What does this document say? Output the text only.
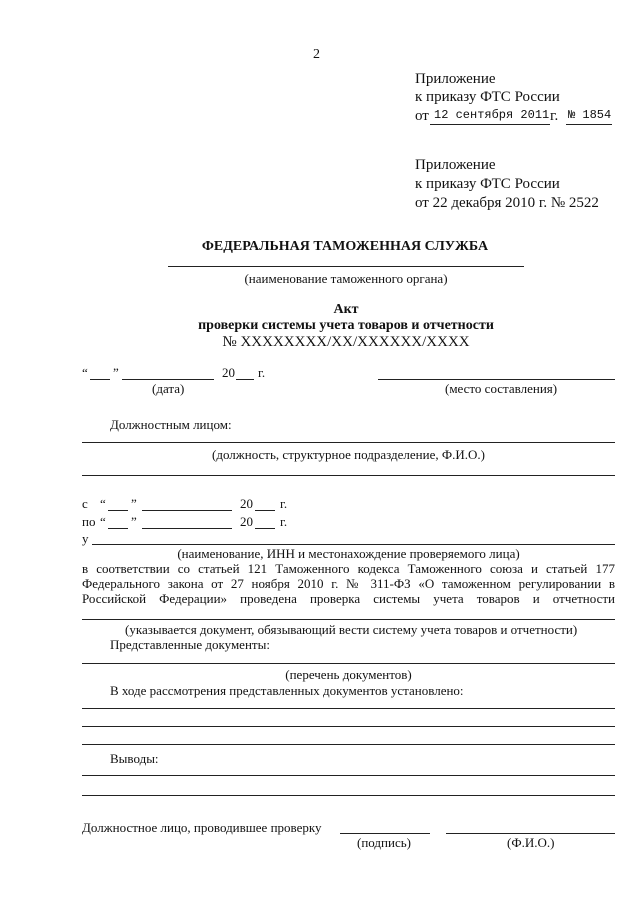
2
Приложение
к приказу ФТС России
от 12 сентября 2011 г. № 1854
Приложение
к приказу ФТС России
от 22 декабря 2010 г. № 2522
ФЕДЕРАЛЬНАЯ ТАМОЖЕННАЯ СЛУЖБА
(наименование таможенного органа)
Акт
проверки системы учета товаров и отчетности
№ XXXXXXXX/XX/XXXXXX/XXXX
“ ”	20 г.
(дата)	(место составления)
Должностным лицом:
(должность, структурное подразделение, Ф.И.О.)
с “ ”	20 г.
по “ ”	20 г.
у
(наименование, ИНН и местонахождение проверяемого лица)
в соответствии со статьей 121 Таможенного кодекса Таможенного союза и статьей 177
Федерального закона от 27 ноября 2010 г. № 311-ФЗ «О таможенном регулировании в
Российской Федерации» проведена проверка системы учета товаров и отчетности
(указывается документ, обязывающий вести систему учета товаров и отчетности)
Представленные документы:
(перечень документов)
В ходе рассмотрения представленных документов установлено:
Выводы:
Должностное лицо, проводившее проверку
(подпись)	(Ф.И.О.)
